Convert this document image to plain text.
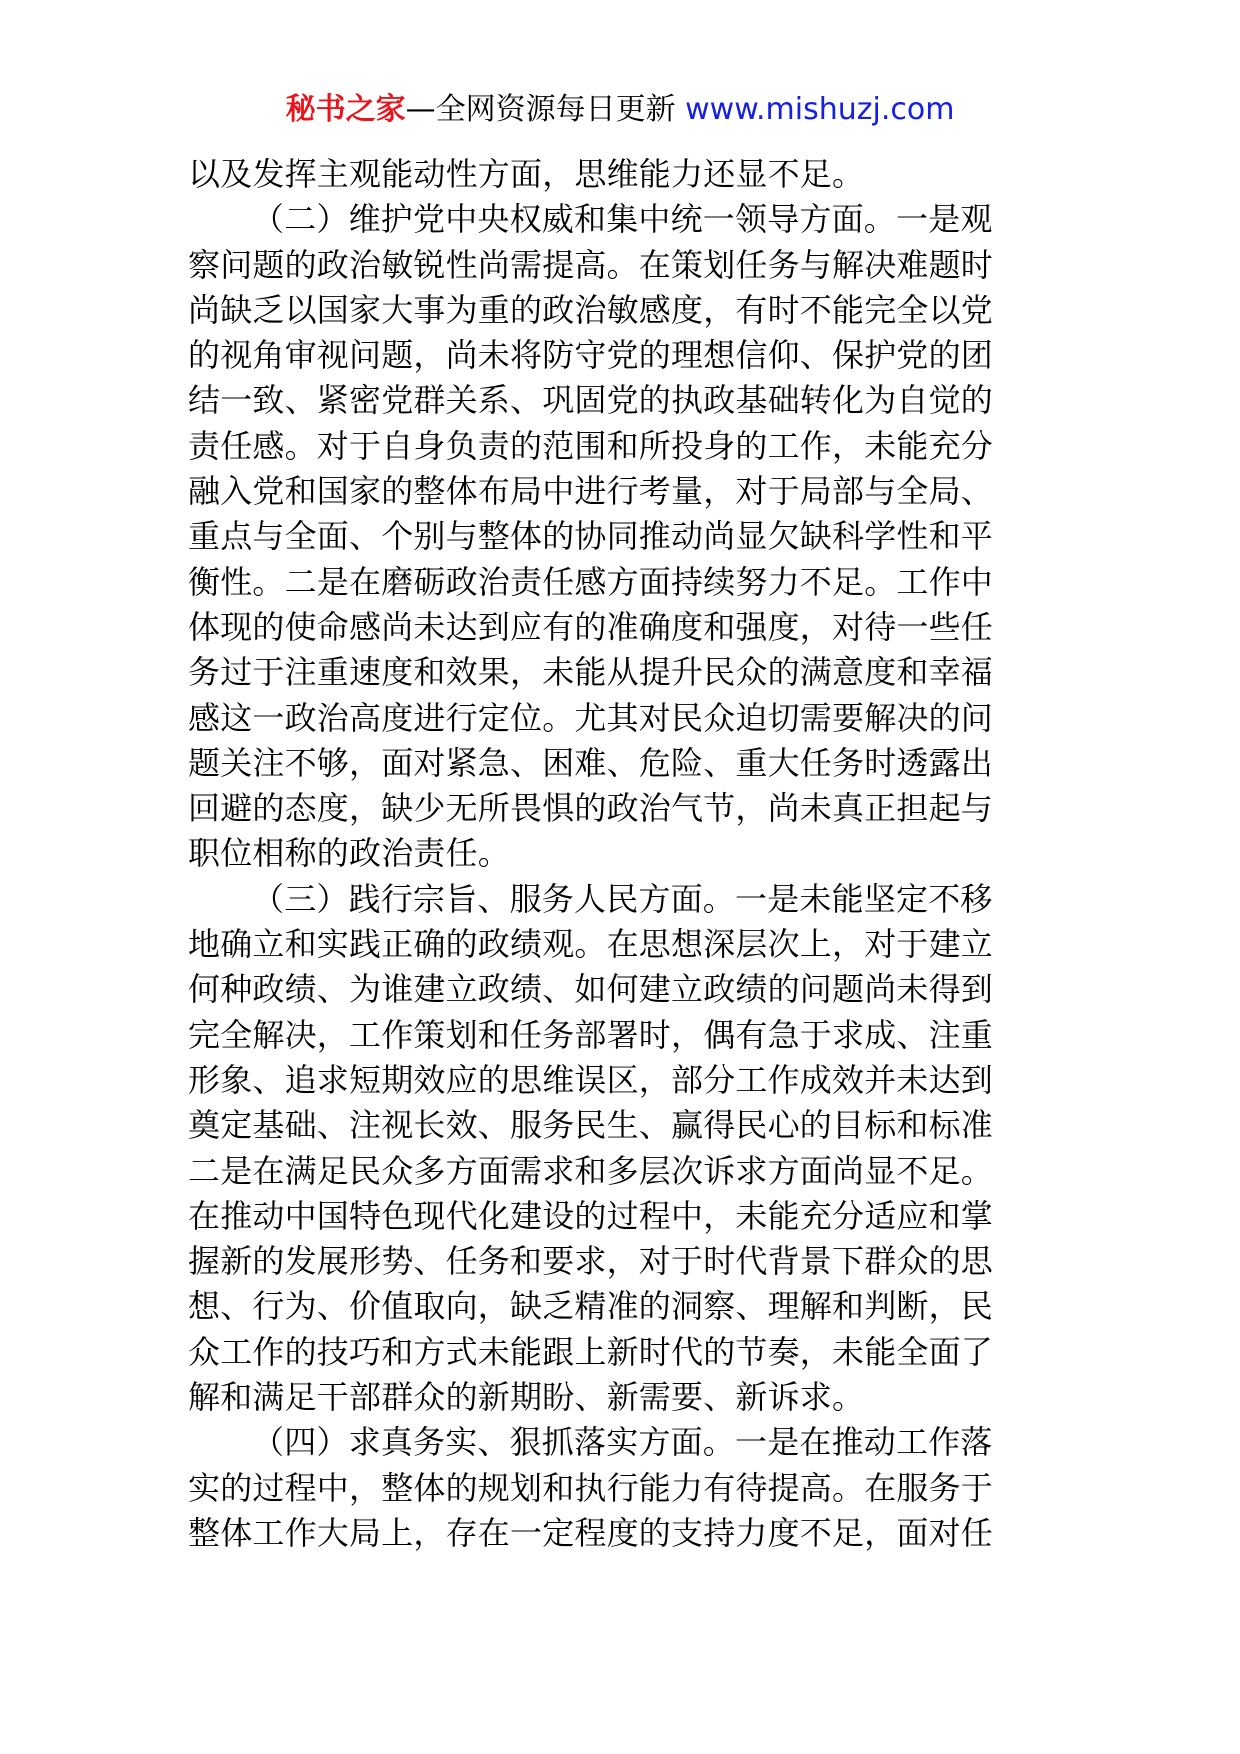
秘书之家—全网资源每日更新 www.mishuzj.com
以及发挥主观能动性方面，思维能力还显不足。
（二）维护党中央权威和集中统一领导方面。一是观
察问题的政治敏锐性尚需提高。在策划任务与解决难题时
尚缺乏以国家大事为重的政治敏感度，有时不能完全以党
的视角审视问题，尚未将防守党的理想信仰、保护党的团
结一致、紧密党群关系、巩固党的执政基础转化为自觉的
责任感。对于自身负责的范围和所投身的工作，未能充分
融入党和国家的整体布局中进行考量，对于局部与全局、
重点与全面、个别与整体的协同推动尚显欠缺科学性和平
衡性。二是在磨砺政治责任感方面持续努力不足。工作中
体现的使命感尚未达到应有的准确度和强度，对待一些任
务过于注重速度和效果，未能从提升民众的满意度和幸福
感这一政治高度进行定位。尤其对民众迫切需要解决的问
题关注不够，面对紧急、困难、危险、重大任务时透露出
回避的态度，缺少无所畏惧的政治气节，尚未真正担起与
职位相称的政治责任。
（三）践行宗旨、服务人民方面。一是未能坚定不移
地确立和实践正确的政绩观。在思想深层次上，对于建立
何种政绩、为谁建立政绩、如何建立政绩的问题尚未得到
完全解决，工作策划和任务部署时，偶有急于求成、注重
形象、追求短期效应的思维误区，部分工作成效并未达到
奠定基础、注视长效、服务民生、赢得民心的目标和标准
二是在满足民众多方面需求和多层次诉求方面尚显不足。
在推动中国特色现代化建设的过程中，未能充分适应和掌
握新的发展形势、任务和要求，对于时代背景下群众的思
想、行为、价值取向，缺乏精准的洞察、理解和判断，民
众工作的技巧和方式未能跟上新时代的节奏，未能全面了
解和满足干部群众的新期盼、新需要、新诉求。
（四）求真务实、狠抓落实方面。一是在推动工作落
实的过程中，整体的规划和执行能力有待提高。在服务于
整体工作大局上，存在一定程度的支持力度不足，面对任
